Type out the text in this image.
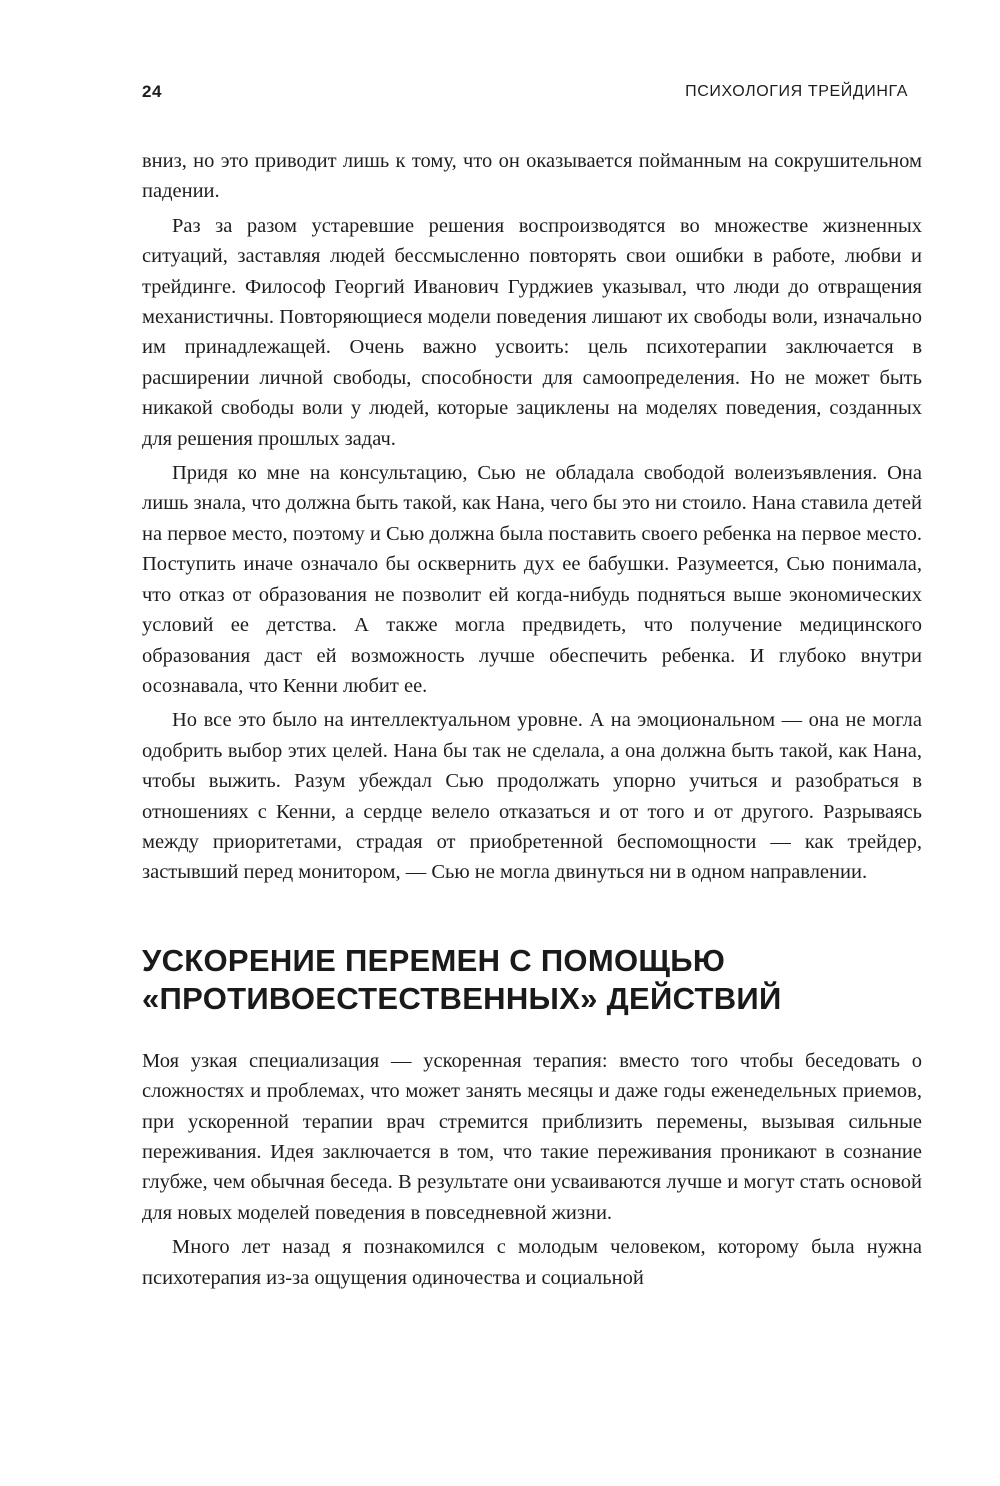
24	ПСИХОЛОГИЯ ТРЕЙДИНГА

вниз, но это приводит лишь к тому, что он оказывается пойманным на сокрушительном падении.

Раз за разом устаревшие решения воспроизводятся во множестве жизненных ситуаций, заставляя людей бессмысленно повторять свои ошибки в работе, любви и трейдинге. Философ Георгий Иванович Гурджиев указывал, что люди до отвращения механистичны. Повторяющиеся модели поведения лишают их свободы воли, изначально им принадлежащей. Очень важно усвоить: цель психотерапии заключается в расширении личной свободы, способности для самоопределения. Но не может быть никакой свободы воли у людей, которые зациклены на моделях поведения, созданных для решения прошлых задач.

Придя ко мне на консультацию, Сью не обладала свободой волеизъявления. Она лишь знала, что должна быть такой, как Нана, чего бы это ни стоило. Нана ставила детей на первое место, поэтому и Сью должна была поставить своего ребенка на первое место. Поступить иначе означало бы осквернить дух ее бабушки. Разумеется, Сью понимала, что отказ от образования не позволит ей когда-нибудь подняться выше экономических условий ее детства. А также могла предвидеть, что получение медицинского образования даст ей возможность лучше обеспечить ребенка. И глубоко внутри осознавала, что Кенни любит ее.

Но все это было на интеллектуальном уровне. А на эмоциональном — она не могла одобрить выбор этих целей. Нана бы так не сделала, а она должна быть такой, как Нана, чтобы выжить. Разум убеждал Сью продолжать упорно учиться и разобраться в отношениях с Кенни, а сердце велело отказаться и от того и от другого. Разрываясь между приоритетами, страдая от приобретенной беспомощности — как трейдер, застывший перед монитором, — Сью не могла двинуться ни в одном направлении.

УСКОРЕНИЕ ПЕРЕМЕН С ПОМОЩЬЮ
«ПРОТИВОЕСТЕСТВЕННЫХ» ДЕЙСТВИЙ

Моя узкая специализация — ускоренная терапия: вместо того чтобы беседовать о сложностях и проблемах, что может занять месяцы и даже годы еженедельных приемов, при ускоренной терапии врач стремится приблизить перемены, вызывая сильные переживания. Идея заключается в том, что такие переживания проникают в сознание глубже, чем обычная беседа. В результате они усваиваются лучше и могут стать основой для новых моделей поведения в повседневной жизни.

Много лет назад я познакомился с молодым человеком, которому была нужна психотерапия из-за ощущения одиночества и социальной
